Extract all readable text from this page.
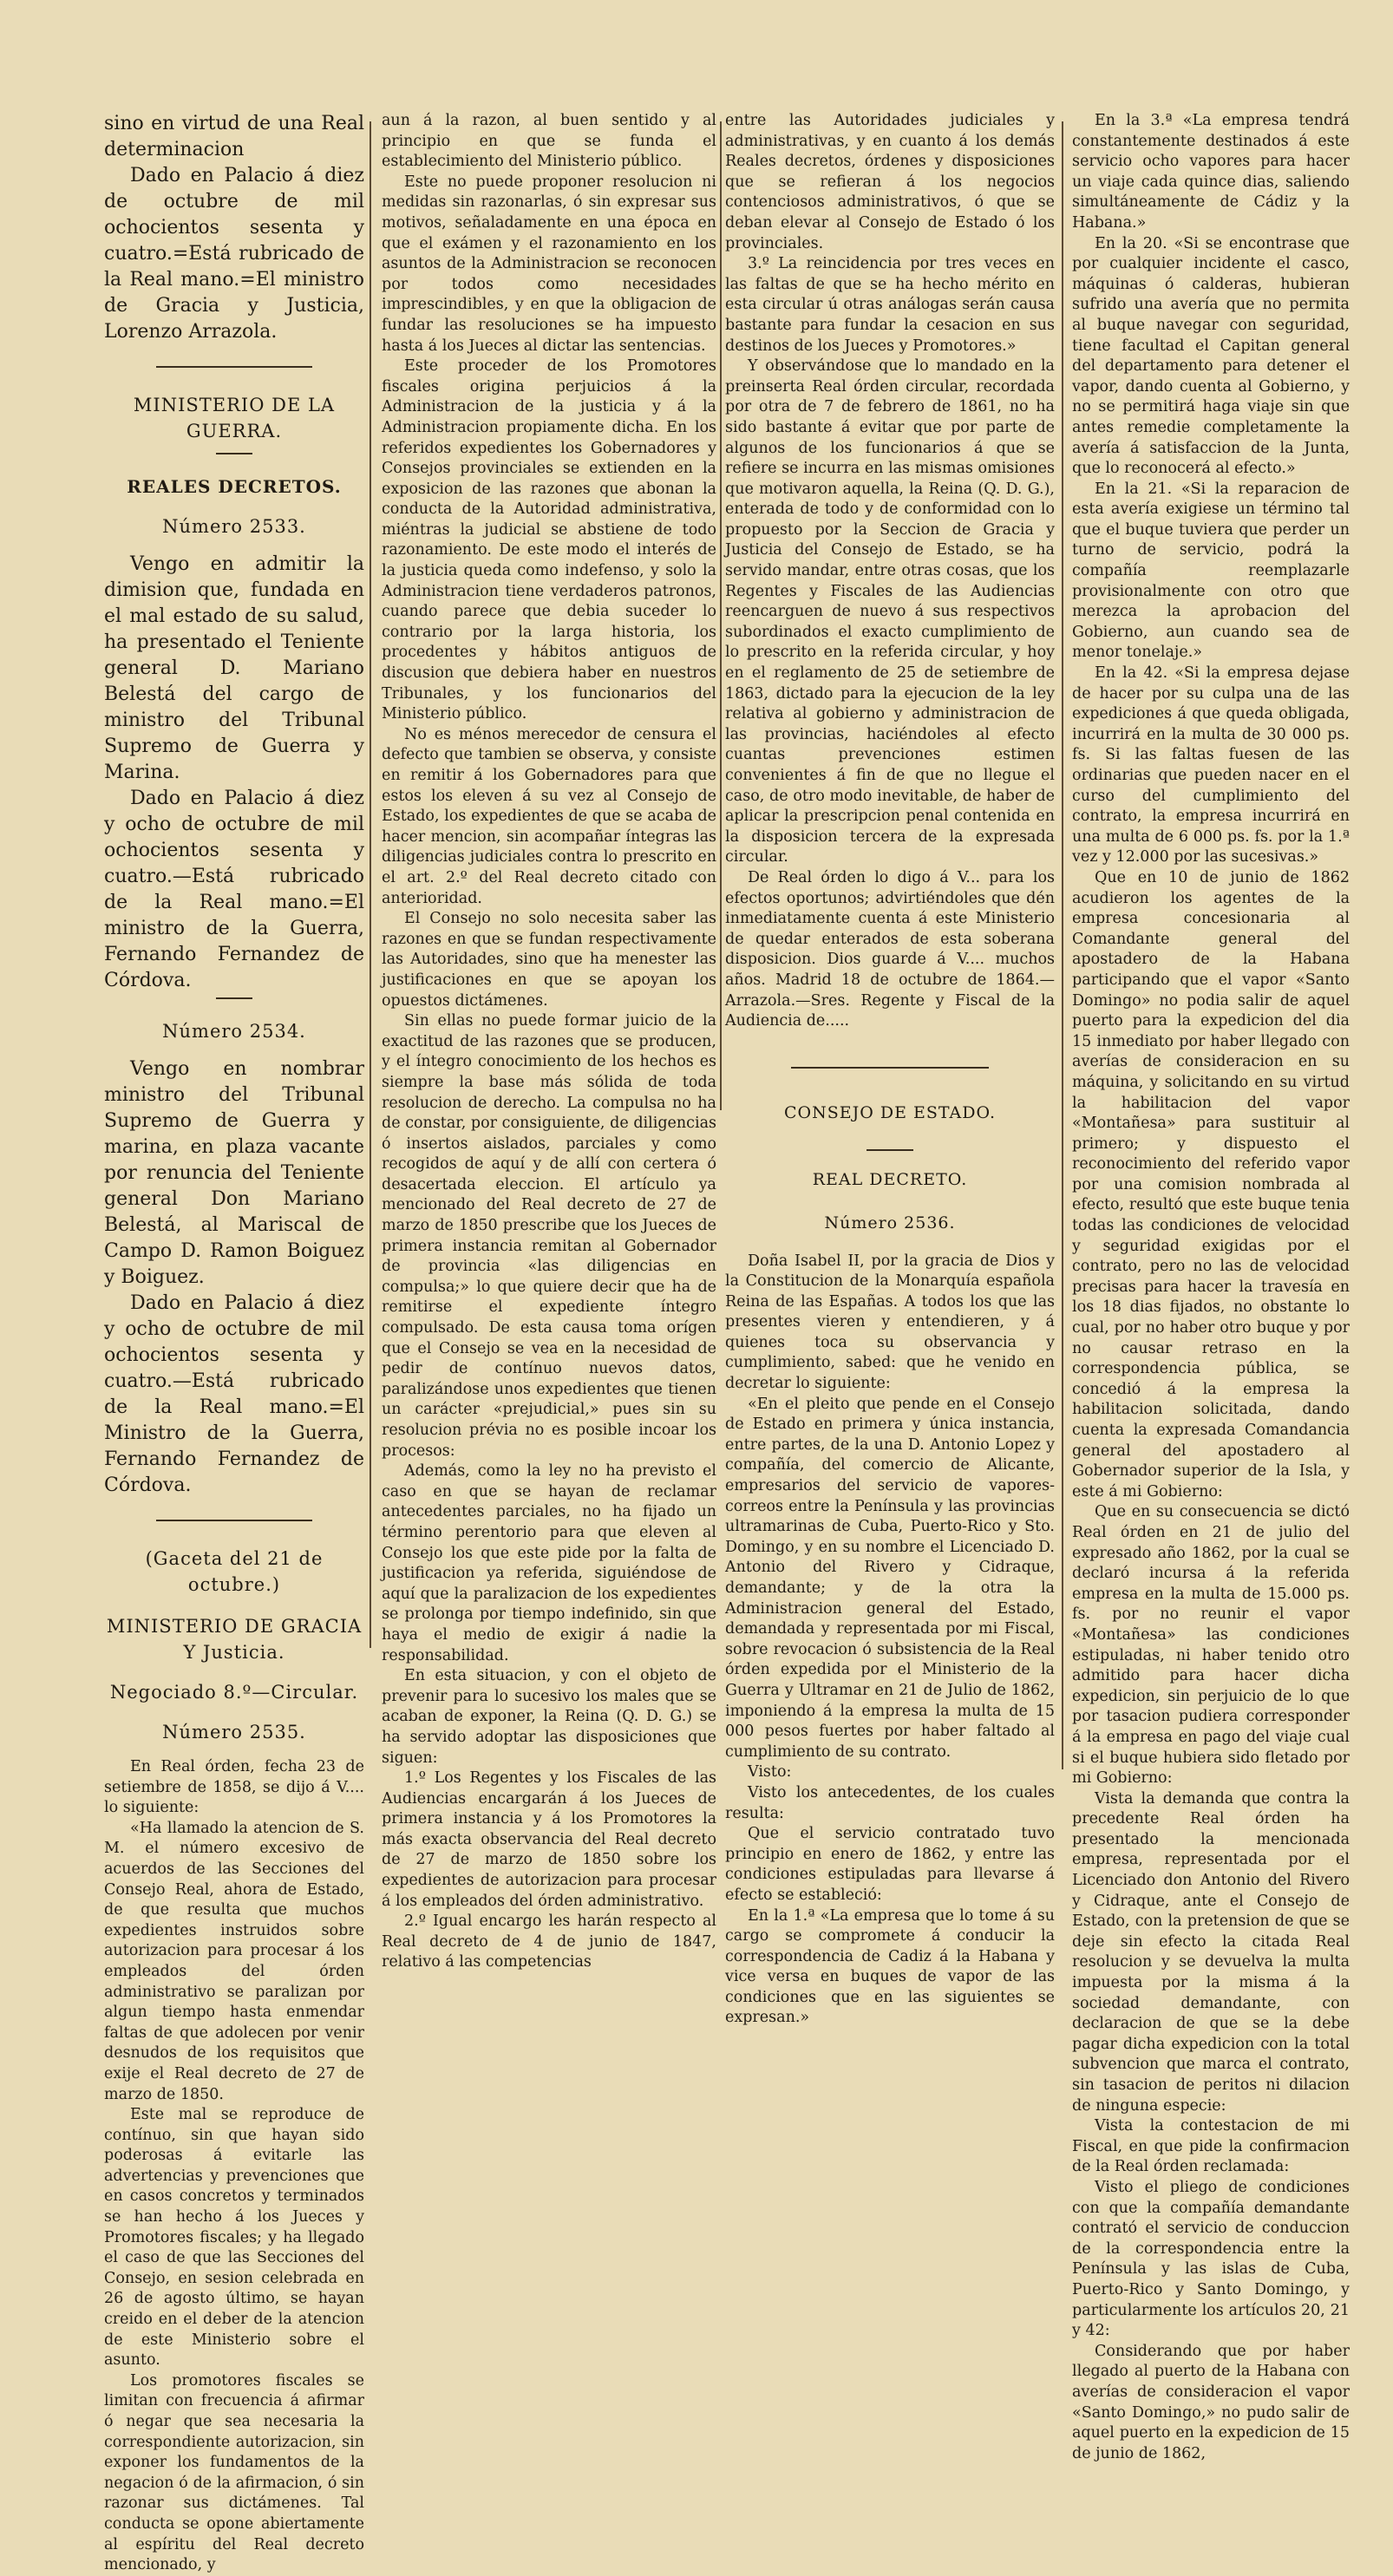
sino en virtud de una Real determinacion

Dado en Palacio á diez de octubre de mil ochocientos sesenta y cuatro.=Está rubricado de la Real mano.=El ministro de Gracia y Justicia, Lorenzo Arrazola.

MINISTERIO DE LA GUERRA.

REALES DECRETOS.

Número 2533.

Vengo en admitir la dimision que, fundada en el mal estado de su salud, ha presentado el Teniente general D. Mariano Belestá del cargo de ministro del Tribunal Supremo de Guerra y Marina.

Dado en Palacio á diez y ocho de octubre de mil ochocientos sesenta y cuatro.—Está rubricado de la Real mano.=El ministro de la Guerra, Fernando Fernandez de Córdova.

Número 2534.

Vengo en nombrar ministro del Tribunal Supremo de Guerra y marina, en plaza vacante por renuncia del Teniente general Don Mariano Belestá, al Mariscal de Campo D. Ramon Boiguez y Boiguez.

Dado en Palacio á diez y ocho de octubre de mil ochocientos sesenta y cuatro.—Está rubricado de la Real mano.=El Ministro de la Guerra, Fernando Fernandez de Córdova.

(Gaceta del 21 de octubre.)

MINISTERIO DE GRACIA Y Justicia.

Negociado 8.º—Circular.

Número 2535.

En Real órden, fecha 23 de setiembre de 1858, se dijo á V.... lo siguiente:

«Ha llamado la atencion de S. M. el número excesivo de acuerdos de las Secciones del Consejo Real, ahora de Estado, de que resulta que muchos expedientes instruidos sobre autorizacion para procesar á los empleados del órden administrativo se paralizan por algun tiempo hasta enmendar faltas de que adolecen por venir desnudos de los requisitos que exije el Real decreto de 27 de marzo de 1850.

Este mal se reproduce de contínuo, sin que hayan sido poderosas á evitarle las advertencias y prevenciones que en casos concretos y terminados se han hecho á los Jueces y Promotores fiscales; y ha llegado el caso de que las Secciones del Consejo, en sesion celebrada en 26 de agosto último, se hayan creido en el deber de la atencion de este Ministerio sobre el asunto.

Los promotores fiscales se limitan con frecuencia á afirmar ó negar que sea necesaria la correspondiente autorizacion, sin exponer los fundamentos de la negacion ó de la afirmacion, ó sin razonar sus dictámenes. Tal conducta se opone abiertamente al espíritu del Real decreto mencionado, y

aun á la razon, al buen sentido y al principio en que se funda el establecimiento del Ministerio público.

Este no puede proponer resolucion ni medidas sin razonarlas, ó sin expresar sus motivos, señaladamente en una época en que el exámen y el razonamiento en los asuntos de la Administracion se reconocen por todos como necesidades imprescindibles, y en que la obligacion de fundar las resoluciones se ha impuesto hasta á los Jueces al dictar las sentencias.

Este proceder de los Promotores fiscales origina perjuicios á la Administracion de la justicia y á la Administracion propiamente dicha. En los referidos expedientes los Gobernadores y Consejos provinciales se extienden en la exposicion de las razones que abonan la conducta de la Autoridad administrativa, miéntras la judicial se abstiene de todo razonamiento. De este modo el interés de la justicia queda como indefenso, y solo la Administracion tiene verdaderos patronos, cuando parece que debia suceder lo contrario por la larga historia, los procedentes y hábitos antiguos de discusion que debiera haber en nuestros Tribunales, y los funcionarios del Ministerio público.

No es ménos merecedor de censura el defecto que tambien se observa, y consiste en remitir á los Gobernadores para que estos los eleven á su vez al Consejo de Estado, los expedientes de que se acaba de hacer mencion, sin acompañar íntegras las diligencias judiciales contra lo prescrito en el art. 2.º del Real decreto citado con anterioridad.

El Consejo no solo necesita saber las razones en que se fundan respectivamente las Autoridades, sino que ha menester las justificaciones en que se apoyan los opuestos dictámenes.

Sin ellas no puede formar juicio de la exactitud de las razones que se producen, y el íntegro conocimiento de los hechos es siempre la base más sólida de toda resolucion de derecho. La compulsa no ha de constar, por consiguiente, de diligencias ó insertos aislados, parciales y como recogidos de aquí y de allí con certera ó desacertada eleccion. El artículo ya mencionado del Real decreto de 27 de marzo de 1850 prescribe que los Jueces de primera instancia remitan al Gobernador de provincia «las diligencias en compulsa;» lo que quiere decir que ha de remitirse el expediente íntegro compulsado. De esta causa toma orígen que el Consejo se vea en la necesidad de pedir de contínuo nuevos datos, paralizándose unos expedientes que tienen un carácter «prejudicial,» pues sin su resolucion prévia no es posible incoar los procesos:

Además, como la ley no ha previsto el caso en que se hayan de reclamar antecedentes parciales, no ha fijado un término perentorio para que eleven al Consejo los que este pide por la falta de justificacion ya referida, siguiéndose de aquí que la paralizacion de los expedientes se prolonga por tiempo indefinido, sin que haya el medio de exigir á nadie la responsabilidad.

En esta situacion, y con el objeto de prevenir para lo sucesivo los males que se acaban de exponer, la Reina (Q. D. G.) se ha servido adoptar las disposiciones que siguen:

1.º Los Regentes y los Fiscales de las Audiencias encargarán á los Jueces de primera instancia y á los Promotores la más exacta observancia del Real decreto de 27 de marzo de 1850 sobre los expedientes de autorizacion para procesar á los empleados del órden administrativo.

2.º Igual encargo les harán respecto al Real decreto de 4 de junio de 1847, relativo á las competencias

entre las Autoridades judiciales y administrativas, y en cuanto á los demás Reales decretos, órdenes y disposiciones que se refieran á los negocios contenciosos administrativos, ó que se deban elevar al Consejo de Estado ó los provinciales.

3.º La reincidencia por tres veces en las faltas de que se ha hecho mérito en esta circular ú otras análogas serán causa bastante para fundar la cesacion en sus destinos de los Jueces y Promotores.»

Y observándose que lo mandado en la preinserta Real órden circular, recordada por otra de 7 de febrero de 1861, no ha sido bastante á evitar que por parte de algunos de los funcionarios á que se refiere se incurra en las mismas omisiones que motivaron aquella, la Reina (Q. D. G.), enterada de todo y de conformidad con lo propuesto por la Seccion de Gracia y Justicia del Consejo de Estado, se ha servido mandar, entre otras cosas, que los Regentes y Fiscales de las Audiencias reencarguen de nuevo á sus respectivos subordinados el exacto cumplimiento de lo prescrito en la referida circular, y hoy en el reglamento de 25 de setiembre de 1863, dictado para la ejecucion de la ley relativa al gobierno y administracion de las provincias, haciéndoles al efecto cuantas prevenciones estimen convenientes á fin de que no llegue el caso, de otro modo inevitable, de haber de aplicar la prescripcion penal contenida en la disposicion tercera de la expresada circular.

De Real órden lo digo á V... para los efectos oportunos; advirtiéndoles que dén inmediatamente cuenta á este Ministerio de quedar enterados de esta soberana disposicion. Dios guarde á V.... muchos años. Madrid 18 de octubre de 1864.—Arrazola.—Sres. Regente y Fiscal de la Audiencia de.....

CONSEJO DE ESTADO.

REAL DECRETO.

Número 2536.

Doña Isabel II, por la gracia de Dios y la Constitucion de la Monarquía española Reina de las Españas. A todos los que las presentes vieren y entendieren, y á quienes toca su observancia y cumplimiento, sabed: que he venido en decretar lo siguiente:

«En el pleito que pende en el Consejo de Estado en primera y única instancia, entre partes, de la una D. Antonio Lopez y compañía, del comercio de Alicante, empresarios del servicio de vapores-correos entre la Península y las provincias ultramarinas de Cuba, Puerto-Rico y Sto. Domingo, y en su nombre el Licenciado D. Antonio del Rivero y Cidraque, demandante; y de la otra la Administracion general del Estado, demandada y representada por mi Fiscal, sobre revocacion ó subsistencia de la Real órden expedida por el Ministerio de la Guerra y Ultramar en 21 de Julio de 1862, imponiendo á la empresa la multa de 15 000 pesos fuertes por haber faltado al cumplimiento de su contrato.

Visto:

Visto los antecedentes, de los cuales resulta:

Que el servicio contratado tuvo principio en enero de 1862, y entre las condiciones estipuladas para llevarse á efecto se estableció:

En la 1.ª «La empresa que lo tome á su cargo se compromete á conducir la correspondencia de Cadiz á la Habana y vice versa en buques de vapor de las condiciones que en las siguientes se expresan.»

En la 3.ª «La empresa tendrá constantemente destinados á este servicio ocho vapores para hacer un viaje cada quince dias, saliendo simultáneamente de Cádiz y la Habana.»

En la 20. «Si se encontrase que por cualquier incidente el casco, máquinas ó calderas, hubieran sufrido una avería que no permita al buque navegar con seguridad, tiene facultad el Capitan general del departamento para detener el vapor, dando cuenta al Gobierno, y no se permitirá haga viaje sin que antes remedie completamente la avería á satisfaccion de la Junta, que lo reconocerá al efecto.»

En la 21. «Si la reparacion de esta avería exigiese un término tal que el buque tuviera que perder un turno de servicio, podrá la compañía reemplazarle provisionalmente con otro que merezca la aprobacion del Gobierno, aun cuando sea de menor tonelaje.»

En la 42. «Si la empresa dejase de hacer por su culpa una de las expediciones á que queda obligada, incurrirá en la multa de 30 000 ps. fs. Si las faltas fuesen de las ordinarias que pueden nacer en el curso del cumplimiento del contrato, la empresa incurrirá en una multa de 6 000 ps. fs. por la 1.ª vez y 12.000 por las sucesivas.»

Que en 10 de junio de 1862 acudieron los agentes de la empresa concesionaria al Comandante general del apostadero de la Habana participando que el vapor «Santo Domingo» no podia salir de aquel puerto para la expedicion del dia 15 inmediato por haber llegado con averías de consideracion en su máquina, y solicitando en su virtud la habilitacion del vapor «Montañesa» para sustituir al primero; y dispuesto el reconocimiento del referido vapor por una comision nombrada al efecto, resultó que este buque tenia todas las condiciones de velocidad y seguridad exigidas por el contrato, pero no las de velocidad precisas para hacer la travesía en los 18 dias fijados, no obstante lo cual, por no haber otro buque y por no causar retraso en la correspondencia pública, se concedió á la empresa la habilitacion solicitada, dando cuenta la expresada Comandancia general del apostadero al Gobernador superior de la Isla, y este á mi Gobierno:

Que en su consecuencia se dictó Real órden en 21 de julio del expresado año 1862, por la cual se declaró incursa á la referida empresa en la multa de 15.000 ps. fs. por no reunir el vapor «Montañesa» las condiciones estipuladas, ni haber tenido otro admitido para hacer dicha expedicion, sin perjuicio de lo que por tasacion pudiera corresponder á la empresa en pago del viaje cual si el buque hubiera sido fletado por mi Gobierno:

Vista la demanda que contra la precedente Real órden ha presentado la mencionada empresa, representada por el Licenciado don Antonio del Rivero y Cidraque, ante el Consejo de Estado, con la pretension de que se deje sin efecto la citada Real resolucion y se devuelva la multa impuesta por la misma á la sociedad demandante, con declaracion de que se la debe pagar dicha expedicion con la total subvencion que marca el contrato, sin tasacion de peritos ni dilacion de ninguna especie:

Vista la contestacion de mi Fiscal, en que pide la confirmacion de la Real órden reclamada:

Visto el pliego de condiciones con que la compañía demandante contrató el servicio de conduccion de la correspondencia entre la Península y las islas de Cuba, Puerto-Rico y Santo Domingo, y particularmente los artículos 20, 21 y 42:

Considerando que por haber llegado al puerto de la Habana con averías de consideracion el vapor «Santo Domingo,» no pudo salir de aquel puerto en la expedicion de 15 de junio de 1862,
